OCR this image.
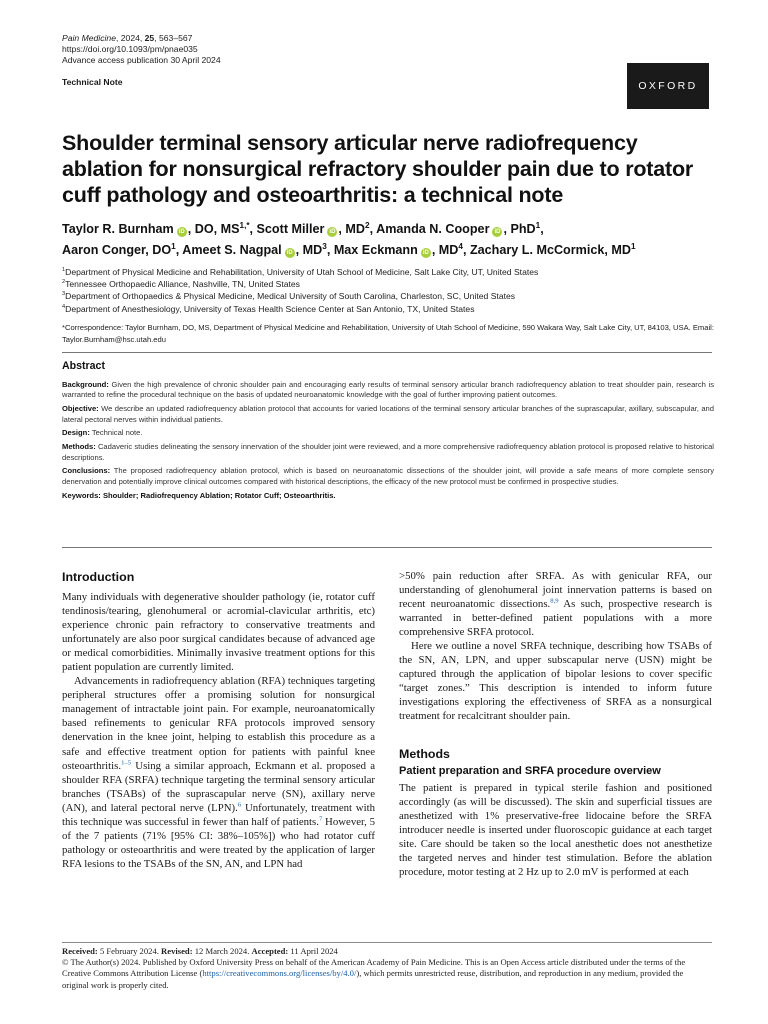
Pain Medicine, 2024, 25, 563–567
https://doi.org/10.1093/pm/pnae035
Advance access publication 30 April 2024
Technical Note	OXFORD
Shoulder terminal sensory articular nerve radiofrequency ablation for nonsurgical refractory shoulder pain due to rotator cuff pathology and osteoarthritis: a technical note
Taylor R. Burnham iD , DO, $MS^{1,*}$, Scott Miller iD , $MD^2$, Amanda N. Cooper iD , PhD$^1$,
Aaron Conger, $DO^1$, Ameet S. Nagpal iD , $MD^3$, Max Eckmann iD , $MD^4$, Zachary L. McCormick, $MD^1$
$^1$Department of Physical Medicine and Rehabilitation, University of Utah School of Medicine, Salt Lake City, UT, United States
$^2$Tennessee Orthopaedic Alliance, Nashville, TN, United States
$^3$Department of Orthopaedics & Physical Medicine, Medical University of South Carolina, Charleston, SC, United States
$^4$Department of Anesthesiology, University of Texas Health Science Center at San Antonio, TX, United States
*Correspondence: Taylor Burnham, DO, MS, Department of Physical Medicine and Rehabilitation, University of Utah School of Medicine, 590 Wakara Way, Salt Lake City, UT, 84103, USA. Email: Taylor.Burnham@hsc.utah.edu
Abstract

Background: Given the high prevalence of chronic shoulder pain and encouraging early results of terminal sensory articular branch radiofrequency ablation to treat shoulder pain, research is warranted to refine the procedural technique on the basis of updated neuroanatomic knowledge with the goal of further improving patient outcomes.

Objective: We describe an updated radiofrequency ablation protocol that accounts for varied locations of the terminal sensory articular branches of the suprascapular, axillary, subscapular, and lateral pectoral nerves within individual patients.

Design: Technical note.

Methods: Cadaveric studies delineating the sensory innervation of the shoulder joint were reviewed, and a more comprehensive radiofrequency ablation protocol is proposed relative to historical descriptions.

Conclusions: The proposed radiofrequency ablation protocol, which is based on neuroanatomic dissections of the shoulder joint, will provide a safe means of more complete sensory denervation and potentially improve clinical outcomes compared with historical descriptions, the efficacy of the new protocol must be confirmed in prospective studies.

Keywords: Shoulder; Radiofrequency Ablation; Rotator Cuff; Osteoarthritis.

Introduction

Many individuals with degenerative shoulder pathology (ie, rotator cuff tendinosis/tearing, glenohumeral or acromial-clavicular arthritis, etc) experience chronic pain refractory to conservative treatments and unfortunately are also poor surgical candidates because of advanced age or medical comorbidities. Minimally invasive treatment options for this patient population are currently limited.

Advancements in radiofrequency ablation (RFA) techniques targeting peripheral structures offer a promising solution for nonsurgical management of intractable joint pain. For example, neuroanatomically based refinements to genicular RFA protocols improved sensory denervation in the knee joint, helping to establish this procedure as a safe and effective treatment option for patients with painful knee osteoarthritis.$^{1-5}$ Using a similar approach, Eckmann et al. proposed a shoulder RFA (SRFA) technique targeting the terminal sensory articular branches (TSABs) of the suprascapular nerve (SN), axillary nerve (AN), and lateral pectoral nerve (LPN).$^6$ Unfortunately, treatment with this technique was successful in fewer than half of patients.$^7$ However, 5 of the 7 patients (71% [95% CI: 38%–105%]) who had rotator cuff pathology or osteoarthritis and were treated by the application of larger RFA lesions to the TSABs of the SN, AN, and LPN had

>50% pain reduction after SRFA. As with genicular RFA, our understanding of glenohumeral joint innervation patterns is based on recent neuroanatomic dissections.$^{8,9}$ As such, prospective research is warranted in better-defined patient populations with a more comprehensive SRFA protocol.

Here we outline a novel SRFA technique, describing how TSABs of the SN, AN, LPN, and upper subscapular nerve (USN) might be captured through the application of bipolar lesions to cover specific “target zones.” This description is intended to inform future investigations exploring the effectiveness of SRFA as a nonsurgical treatment for recalcitrant shoulder pain.

Methods
Patient preparation and SRFA procedure overview

The patient is prepared in typical sterile fashion and positioned accordingly (as will be discussed). The skin and superficial tissues are anesthetized with 1% preservative-free lidocaine before the SRFA introducer needle is inserted under fluoroscopic guidance at each target site. Care should be taken so the local anesthetic does not anesthetize the targeted nerves and hinder test stimulation. Before the ablation procedure, motor testing at 2 Hz up to 2.0 mV is performed at each

Received: 5 February 2024. Revised: 12 March 2024. Accepted: 11 April 2024
© The Author(s) 2024. Published by Oxford University Press on behalf of the American Academy of Pain Medicine. This is an Open Access article distributed under the terms of the Creative Commons Attribution License (https://creativecommons.org/licenses/by/4.0/), which permits unrestricted reuse, distribution, and reproduction in any medium, provided the original work is properly cited.
